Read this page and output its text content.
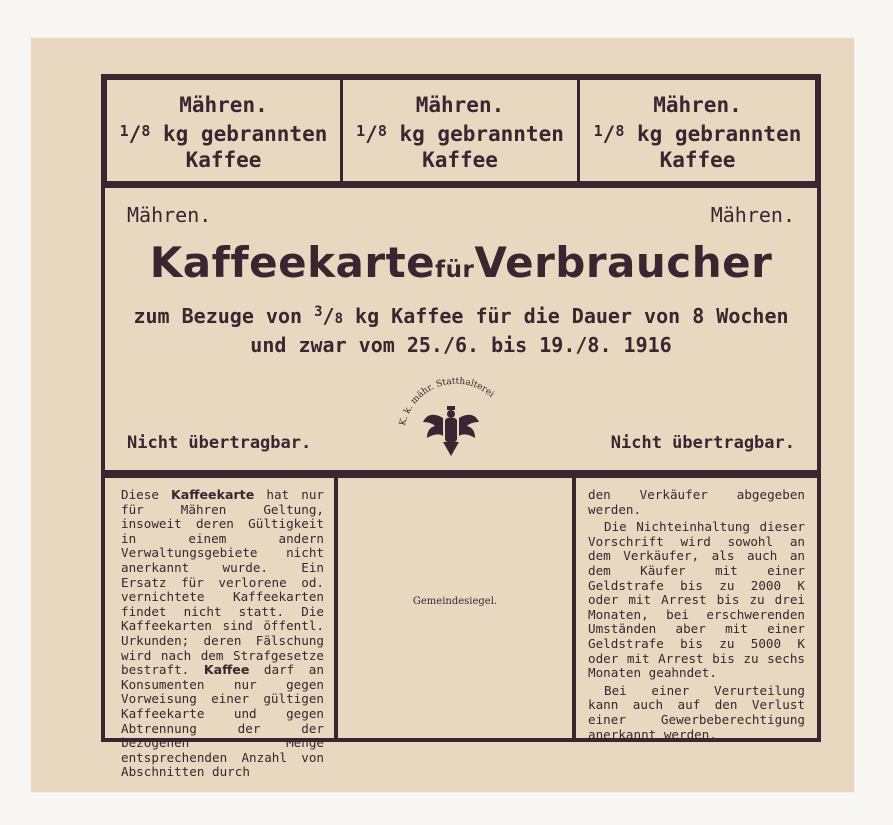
Mähren.
$^1$/$^8$ kg gebrannten
Kaffee
Mähren.
$^1$/$^8$ kg gebrannten
Kaffee
Mähren.
$^1$/$^8$ kg gebrannten
Kaffee
Mähren.	Mähren.
KaffeekartefürVerbraucher
zum Bezuge von $^3$/8 kg Kaffee für die Dauer von 8 Wochen
und zwar vom 25./6. bis 19./8. 1916
K. k. mähr. Statthalterei
Nicht übertragbar.	Nicht übertragbar.
Diese Kaffeekarte hat nur für Mähren Geltung, insoweit deren Gültigkeit in einem andern Verwaltungsgebiete nicht anerkannt wurde. Ein Ersatz für verlorene od. vernichtete Kaffeekarten findet nicht statt. Die Kaffeekarten sind öffentl. Urkunden; deren Fälschung wird nach dem Strafgesetze bestraft. Kaffee darf an Konsumenten nur gegen Vorweisung einer gültigen Kaffeekarte und gegen Abtrennung der der bezogenen Menge entsprechenden Anzahl von Abschnitten durch
Gemeindesiegel.
den Verkäufer abgegeben werden.
Die Nichteinhaltung dieser Vorschrift wird sowohl an dem Verkäufer, als auch an dem Käufer mit einer Geldstrafe bis zu 2000 K oder mit Arrest bis zu drei Monaten, bei erschwerenden Umständen aber mit einer Geldstrafe bis zu 5000 K oder mit Arrest bis zu sechs Monaten geahndet.
Bei einer Verurteilung kann auch auf den Verlust einer Gewerbeberechtigung anerkannt werden.
